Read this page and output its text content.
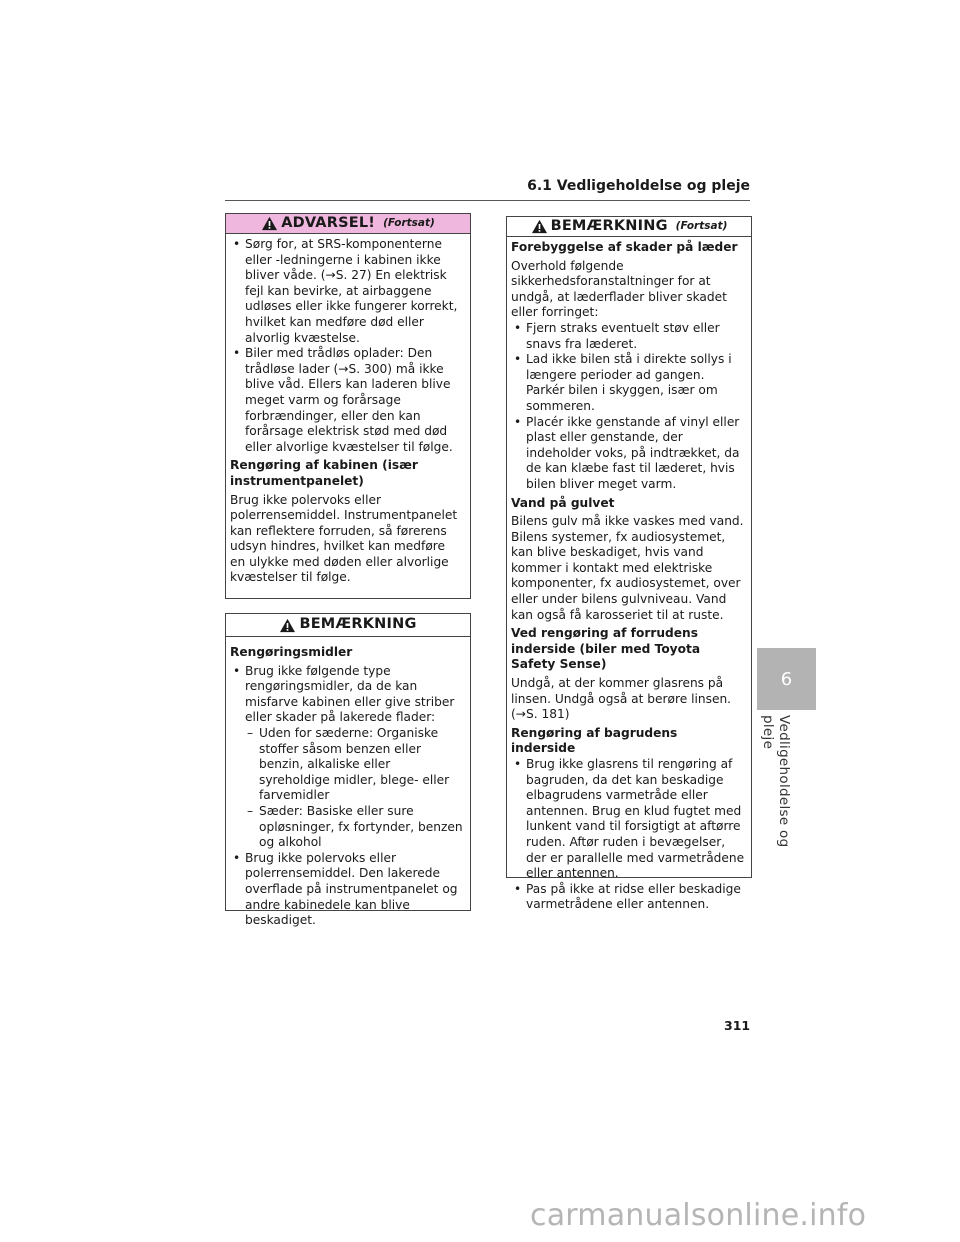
6.1 Vedligeholdelse og pleje
ADVARSEL! (Fortsat)
• Sørg for, at SRS-komponenterne eller -ledningerne i kabinen ikke bliver våde. (→S. 27) En elektrisk fejl kan bevirke, at airbaggene udløses eller ikke fungerer korrekt, hvilket kan medføre død eller alvorlig kvæstelse.
• Biler med trådløs oplader: Den trådløse lader (→S. 300) må ikke blive våd. Ellers kan laderen blive meget varm og forårsage forbrændinger, eller den kan forårsage elektrisk stød med død eller alvorlige kvæstelser til følge.

Rengøring af kabinen (især instrumentpanelet)

Brug ikke polervoks eller polerrensemiddel. Instrumentpanelet kan reflektere forruden, så førerens udsyn hindres, hvilket kan medføre en ulykke med døden eller alvorlige kvæstelser til følge.

BEMÆRKNING

Rengøringsmidler

• Brug ikke følgende type rengøringsmidler, da de kan misfarve kabinen eller give striber eller skader på lakerede flader:
– Uden for sæderne: Organiske stoffer såsom benzen eller benzin, alkaliske eller syreholdige midler, blege- eller farvemidler
– Sæder: Basiske eller sure opløsninger, fx fortynder, benzen og alkohol
• Brug ikke polervoks eller polerrensemiddel. Den lakerede overflade på instrumentpanelet og andre kabinedele kan blive beskadiget.
BEMÆRKNING (Fortsat)

Forebyggelse af skader på læder

Overhold følgende sikkerhedsforanstaltninger for at undgå, at læderflader bliver skadet eller forringet:

• Fjern straks eventuelt støv eller snavs fra læderet.
• Lad ikke bilen stå i direkte sollys i længere perioder ad gangen. Parkér bilen i skyggen, især om sommeren.
• Placér ikke genstande af vinyl eller plast eller genstande, der indeholder voks, på indtrækket, da de kan klæbe fast til læderet, hvis bilen bliver meget varm.

Vand på gulvet

Bilens gulv må ikke vaskes med vand. Bilens systemer, fx audiosystemet, kan blive beskadiget, hvis vand kommer i kontakt med elektriske komponenter, fx audiosystemet, over eller under bilens gulvniveau. Vand kan også få karosseriet til at ruste.

Ved rengøring af forrudens inderside (biler med Toyota Safety Sense)

Undgå, at der kommer glasrens på linsen. Undgå også at berøre linsen. (→S. 181)

Rengøring af bagrudens inderside

• Brug ikke glasrens til rengøring af bagruden, da det kan beskadige elbagrudens varmetråde eller antennen. Brug en klud fugtet med lunkent vand til forsigtigt at aftørre ruden. Aftør ruden i bevægelser, der er parallelle med varmetrådene eller antennen.
• Pas på ikke at ridse eller beskadige varmetrådene eller antennen.
6
Vedligeholdelse og pleje
311
carmanualsonline.info
